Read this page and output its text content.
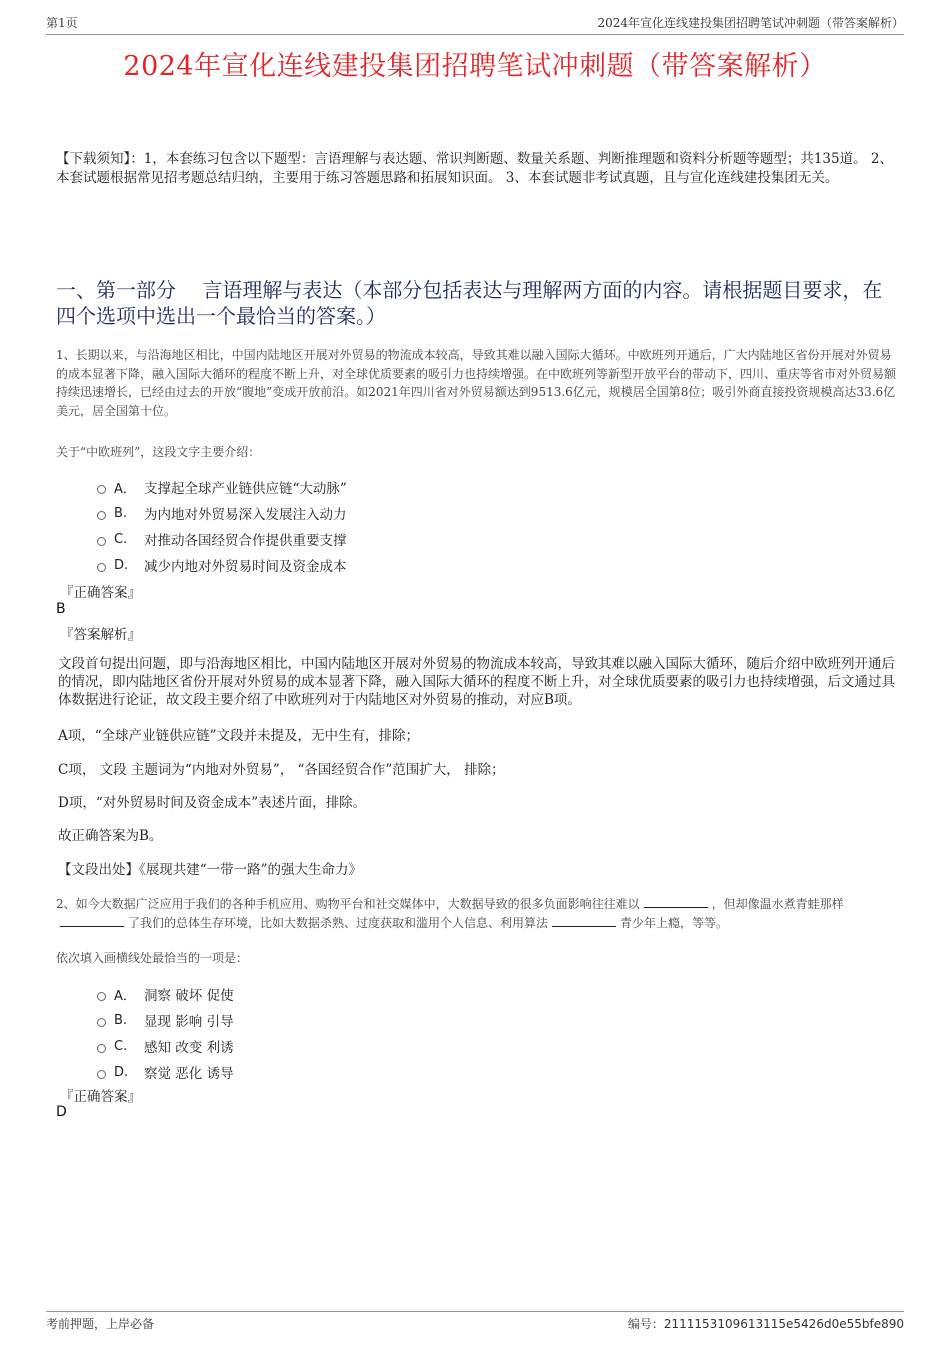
第1页	2024年宣化连线建投集团招聘笔试冲刺题（带答案解析）
2024年宣化连线建投集团招聘笔试冲刺题（带答案解析）
【下载须知】：1，本套练习包含以下题型：言语理解与表达题、常识判断题、数量关系题、判断推理题和资料分析题等题型；共135道。 2、本套试题根据常见招考题总结归纳，主要用于练习答题思路和拓展知识面。 3、本套试题非考试真题，且与宣化连线建投集团无关。
一、第一部分　 言语理解与表达（本部分包括表达与理解两方面的内容。请根据题目要求，在四个选项中选出一个最恰当的答案。）
1、长期以来，与沿海地区相比，中国内陆地区开展对外贸易的物流成本较高，导致其难以融入国际大循环。中欧班列开通后，广大内陆地区省份开展对外贸易的成本显著下降，融入国际大循环的程度不断上升，对全球优质要素的吸引力也持续增强。在中欧班列等新型开放平台的带动下，四川、重庆等省市对外贸易额持续迅速增长，已经由过去的开放“腹地”变成开放前沿。如2021年四川省对外贸易额达到9513.6亿元，规模居全国第8位；吸引外商直接投资规模高达33.6亿美元，居全国第十位。
关于“中欧班列”，这段文字主要介绍：
A． 支撑起全球产业链供应链“大动脉”
B.	为内地对外贸易深入发展注入动力
C.	对推动各国经贸合作提供重要支撑
D.	减少内地对外贸易时间及资金成本
『正确答案』
B
『答案解析』
文段首句提出问题，即与沿海地区相比，中国内陆地区开展对外贸易的物流成本较高，导致其难以融入国际大循环，随后介绍中欧班列开通后的情况，即内陆地区省份开展对外贸易的成本显著下降，融入国际大循环的程度不断上升，对全球优质要素的吸引力也持续增强，后文通过具体数据进行论证，故文段主要介绍了中欧班列对于内陆地区对外贸易的推动，对应B项。
A项，“全球产业链供应链”文段并未提及，无中生有，排除；
C项， 文段 主题词为“内地对外贸易”， “各国经贸合作”范围扩大， 排除；
D项，“对外贸易时间及资金成本”表述片面，排除。
故正确答案为B。
【文段出处】《展现共建“一带一路”的强大生命力》
2、如今大数据广泛应用于我们的各种手机应用、购物平台和社交媒体中，大数据导致的很多负面影响往往难以	，但却像温水煮青蛙那样了我们的总体生存环境，比如大数据杀熟、过度获取和滥用个人信息、利用算法	青少年上瘾，等等。
依次填入画横线处最恰当的一项是：
A． 洞察 破坏 促使
B.	显现 影响 引导
C.	感知 改变 利诱
D.	察觉 恶化 诱导
『正确答案』
D
考前押题，上岸必备	编号：2111153109613115e5426d0e55bfe890
